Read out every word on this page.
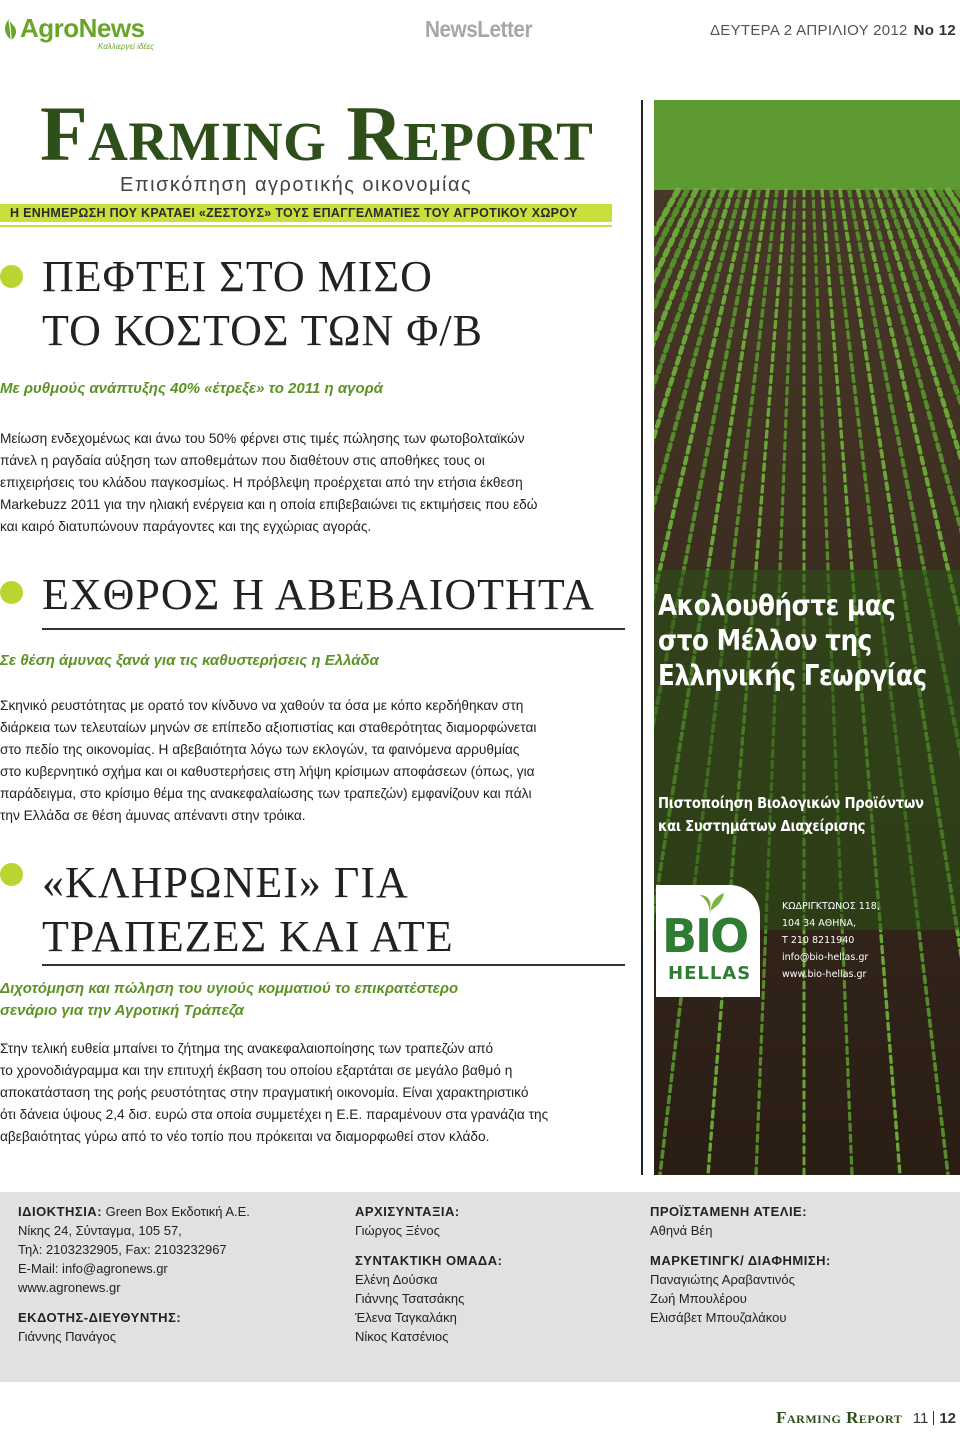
AgroNews
Καλλιεργεί ιδέες
NewsLetter	ΔΕΥΤΕΡΑ 2 ΑΠΡΙΛΙΟΥ 2012 No 12
Farming Report
Επισκόπηση αγροτικής οικονομίας
Η ΕΝΗΜΕΡΩΣΗ ΠΟΥ ΚΡΑΤΑΕΙ «ΖΕΣΤΟΥΣ» ΤΟΥΣ ΕΠΑΓΓΕΛΜΑΤΙΕΣ ΤΟΥ ΑΓΡΟΤΙΚΟΥ ΧΩΡΟΥ
ΠΕΦΤΕΙ ΣΤΟ ΜΙΣΟ
ΤΟ ΚΟΣΤΟΣ ΤΩΝ Φ/Β
Με ρυθμούς ανάπτυξης 40% «έτρεξε» το 2011 η αγορά
Μείωση ενδεχομένως και άνω του 50% φέρνει στις τιμές πώλησης των φωτοβολταϊκών
πάνελ η ραγδαία αύξηση των αποθεμάτων που διαθέτουν στις αποθήκες τους οι
επιχειρήσεις του κλάδου παγκοσμίως. Η πρόβλεψη προέρχεται από την ετήσια έκθεση
Markebuzz 2011 για την ηλιακή ενέργεια και η οποία επιβεβαιώνει τις εκτιμήσεις που εδώ
και καιρό διατυπώνουν παράγοντες και της εγχώριας αγοράς.
ΕΧΘΡΟΣ Η ΑΒΕΒΑΙΟΤΗΤΑ
Σε θέση άμυνας ξανά για τις καθυστερήσεις η Ελλάδα
Σκηνικό ρευστότητας με ορατό τον κίνδυνο να χαθούν τα όσα με κόπο κερδήθηκαν στη
διάρκεια των τελευταίων μηνών σε επίπεδο αξιοπιστίας και σταθερότητας διαμορφώνεται
στο πεδίο της οικονομίας. Η αβεβαιότητα λόγω των εκλογών, τα φαινόμενα αρρυθμίας
στο κυβερνητικό σχήμα και οι καθυστερήσεις στη λήψη κρίσιμων αποφάσεων (όπως, για
παράδειγμα, στο κρίσιμο θέμα της ανακεφαλαίωσης των τραπεζών) εμφανίζουν και πάλι
την Ελλάδα σε θέση άμυνας απέναντι στην τρόικα.
«ΚΛΗΡΩΝΕΙ» ΓΙΑ
ΤΡΑΠΕΖΕΣ ΚΑΙ ΑΤΕ
Διχοτόμηση και πώληση του υγιούς κομματιού το επικρατέστερο
σενάριο για την Αγροτική Τράπεζα
Στην τελική ευθεία μπαίνει το ζήτημα της ανακεφαλαιοποίησης των τραπεζών από
το χρονοδιάγραμμα και την επιτυχή έκβαση του οποίου εξαρτάται σε μεγάλο βαθμό η
αποκατάσταση της ροής ρευστότητας στην πραγματική οικονομία. Είναι χαρακτηριστικό
ότι δάνεια ύψους 2,4 δισ. ευρώ στα οποία συμμετέχει η Ε.Ε. παραμένουν στα γρανάζια της
αβεβαιότητας γύρω από το νέο τοπίο που πρόκειται να διαμορφωθεί στον κλάδο.
Ακολουθήστε μας
στο Μέλλον της
Ελληνικής Γεωργίας
Πιστοποίηση Βιολογικών Προϊόντων
και Συστημάτων Διαχείρισης
BIO
HELLAS
ΚΩΔΡΙΓΚΤΩΝΟΣ 118,
104 34 ΑΘΗΝΑ,
Τ 210 8211940
info@bio-hellas.gr
www.bio-hellas.gr
ΙΔΙΟΚΤΗΣΙΑ: Green Box Εκδοτική Α.Ε.
Νίκης 24, Σύνταγμα, 105 57,
Τηλ: 2103232905, Fax: 2103232967
E-Mail: info@agronews.gr
www.agronews.gr
ΕΚΔΟΤΗΣ-ΔΙΕΥΘΥΝΤΗΣ:
Γιάννης Πανάγος
ΑΡΧΙΣΥΝΤΑΞΙΑ:
Γιώργος Ξένος
ΣΥΝΤΑΚΤΙΚΗ ΟΜΑΔΑ:
Ελένη Δούσκα
Γιάννης Τσατσάκης
Έλενα Ταγκαλάκη
Νίκος Κατσένιος
ΠΡΟΪΣΤΑΜΕΝΗ ΑΤΕΛΙΕ:
Αθηνά Βέη
ΜΑΡΚΕΤΙΝΓΚ/ ΔΙΑΦΗΜΙΣΗ:
Παναγιώτης Αραβαντινός
Ζωή Μπουλέρου
Ελισάβετ Μπουζαλάκου
Farming Report 11 12
